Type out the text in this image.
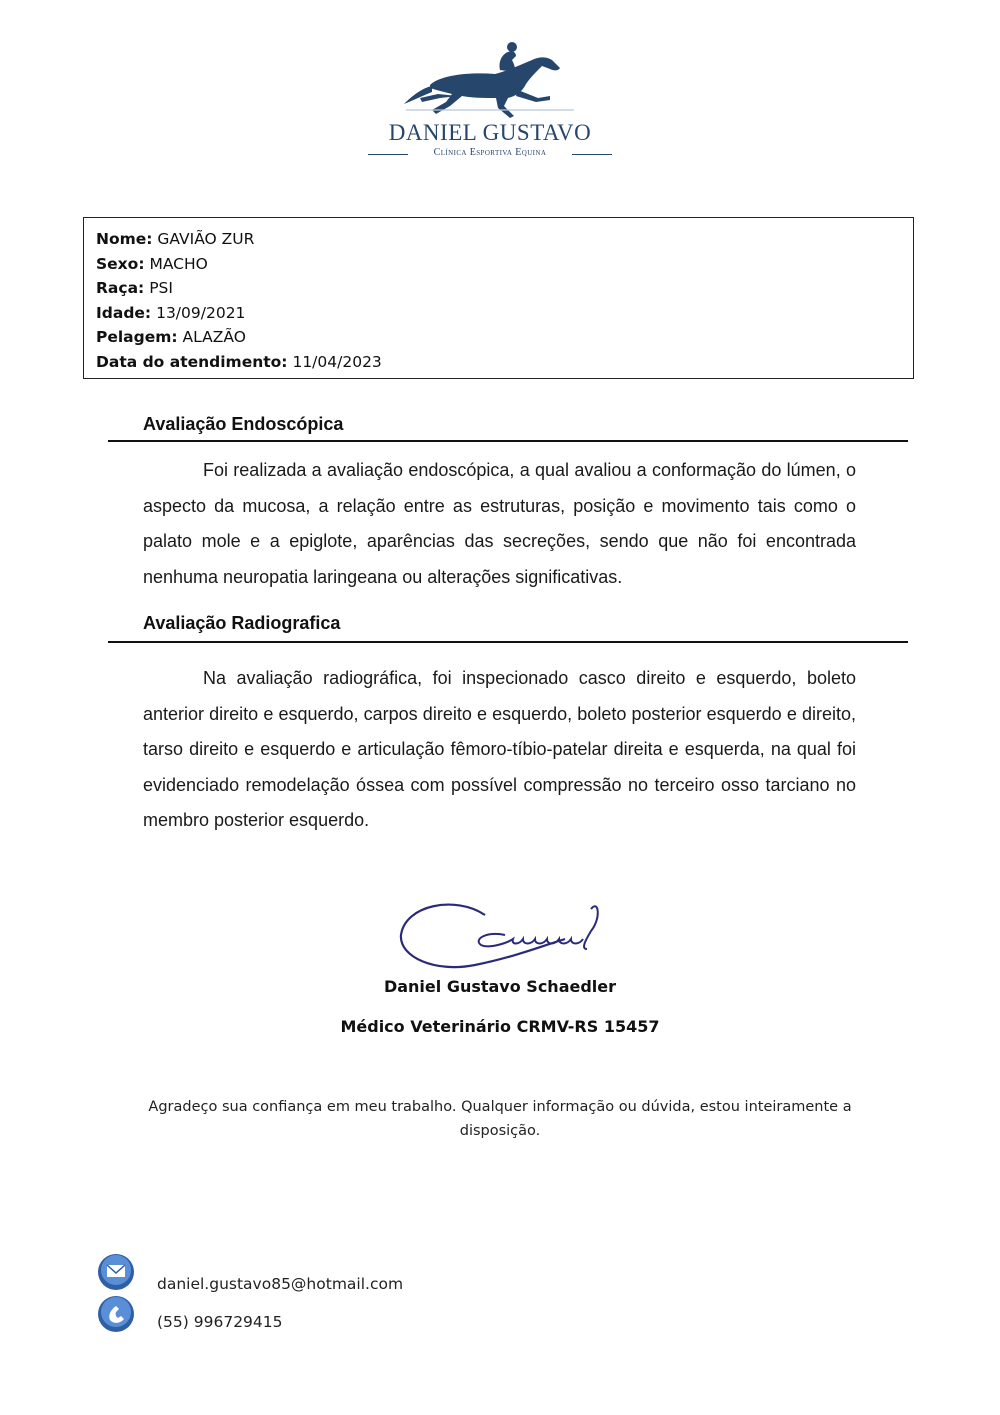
DANIEL GUSTAVO
Clínica Esportiva Equina
Nome: GAVIÃO ZUR
Sexo: MACHO
Raça: PSI
Idade: 13/09/2021
Pelagem: ALAZÃO
Data do atendimento: 11/04/2023
Avaliação Endoscópica
Foi realizada a avaliação endoscópica, a qual avaliou a conformação do lúmen, o aspecto da mucosa, a relação entre as estruturas, posição e movimento tais como o palato mole e a epiglote, aparências das secreções, sendo que não foi encontrada nenhuma neuropatia laringeana ou alterações significativas.
Avaliação Radiografica
Na avaliação radiográfica, foi inspecionado casco direito e esquerdo, boleto anterior direito e esquerdo, carpos direito e esquerdo, boleto posterior esquerdo e direito, tarso direito e esquerdo e articulação fêmoro-tíbio-patelar direita e esquerda, na qual foi evidenciado remodelação óssea com possível compressão no terceiro osso tarciano no membro posterior esquerdo.
Daniel Gustavo Schaedler
Médico Veterinário CRMV-RS 15457
Agradeço sua confiança em meu trabalho. Qualquer informação ou dúvida, estou inteiramente a disposição.
daniel.gustavo85@hotmail.com
(55) 996729415
